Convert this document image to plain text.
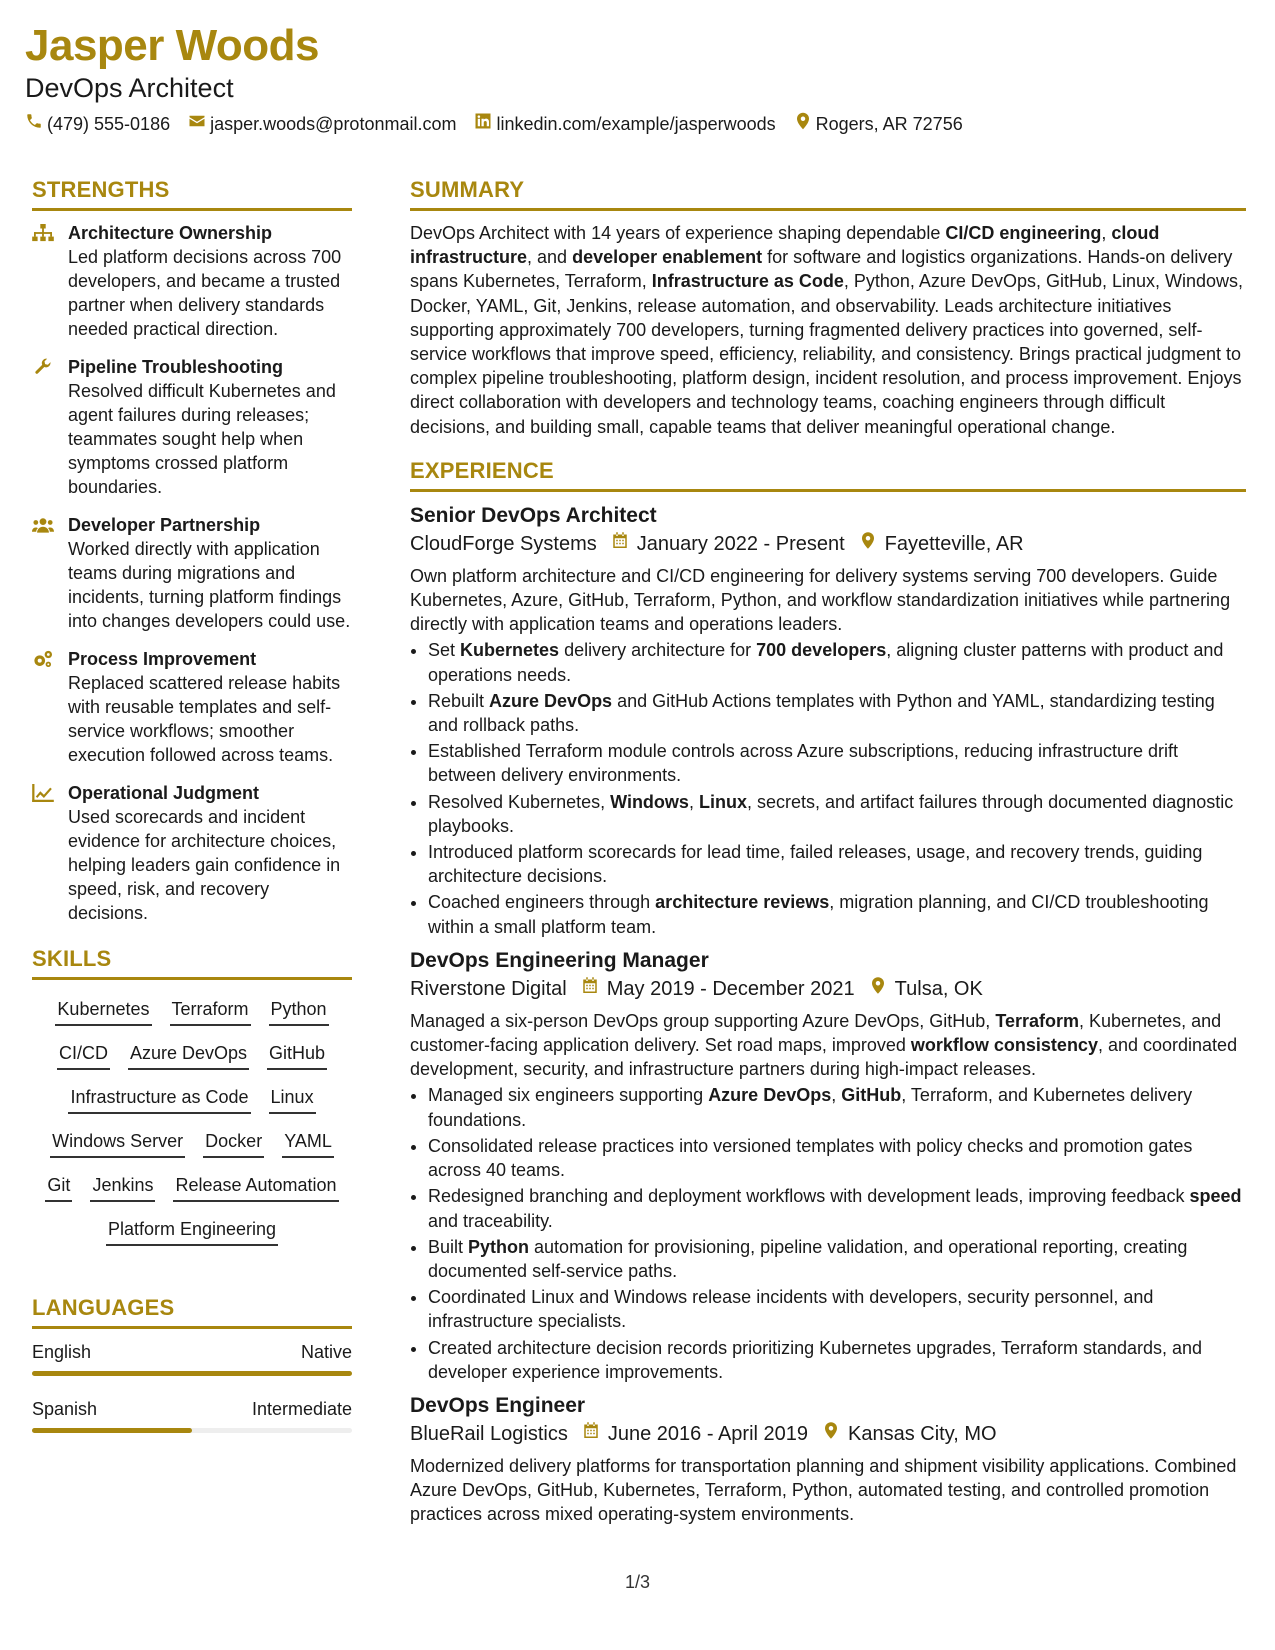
Jasper Woods
DevOps Architect
(479) 555-0186 jasper.woods@protonmail.com linkedin.com/example/jasperwoods Rogers, AR 72756
STRENGTHS
Architecture Ownership
Led platform decisions across 700 developers, and became a trusted partner when delivery standards needed practical direction.
Pipeline Troubleshooting
Resolved difficult Kubernetes and agent failures during releases; teammates sought help when symptoms crossed platform boundaries.
Developer Partnership
Worked directly with application teams during migrations and incidents, turning platform findings into changes developers could use.
Process Improvement
Replaced scattered release habits with reusable templates and self-service workflows; smoother execution followed across teams.
Operational Judgment
Used scorecards and incident evidence for architecture choices, helping leaders gain confidence in speed, risk, and recovery decisions.
SKILLS
Kubernetes Terraform Python
CI/CD Azure DevOps GitHub
Infrastructure as Code Linux
Windows Server Docker YAML
Git Jenkins Release Automation
Platform Engineering
LANGUAGES
English	Native
Spanish	Intermediate
SUMMARY

DevOps Architect with 14 years of experience shaping dependable CI/CD engineering, cloud infrastructure, and developer enablement for software and logistics organizations. Hands-on delivery spans Kubernetes, Terraform, Infrastructure as Code, Python, Azure DevOps, GitHub, Linux, Windows, Docker, YAML, Git, Jenkins, release automation, and observability. Leads architecture initiatives supporting approximately 700 developers, turning fragmented delivery practices into governed, self-service workflows that improve speed, efficiency, reliability, and consistency. Brings practical judgment to complex pipeline troubleshooting, platform design, incident resolution, and process improvement. Enjoys direct collaboration with developers and technology teams, coaching engineers through difficult decisions, and building small, capable teams that deliver meaningful operational change.

EXPERIENCE
Senior DevOps Architect
CloudForge Systems January 2022 - Present Fayetteville, AR
Own platform architecture and CI/CD engineering for delivery systems serving 700 developers. Guide Kubernetes, Azure, GitHub, Terraform, Python, and workflow standardization initiatives while partnering directly with application teams and operations leaders.
• Set Kubernetes delivery architecture for 700 developers, aligning cluster patterns with product and operations needs.
• Rebuilt Azure DevOps and GitHub Actions templates with Python and YAML, standardizing testing and rollback paths.
• Established Terraform module controls across Azure subscriptions, reducing infrastructure drift between delivery environments.
• Resolved Kubernetes, Windows, Linux, secrets, and artifact failures through documented diagnostic playbooks.
• Introduced platform scorecards for lead time, failed releases, usage, and recovery trends, guiding architecture decisions.
• Coached engineers through architecture reviews, migration planning, and CI/CD troubleshooting within a small platform team.
DevOps Engineering Manager
Riverstone Digital May 2019 - December 2021 Tulsa, OK
Managed a six-person DevOps group supporting Azure DevOps, GitHub, Terraform, Kubernetes, and customer-facing application delivery. Set road maps, improved workflow consistency, and coordinated development, security, and infrastructure partners during high-impact releases.
• Managed six engineers supporting Azure DevOps, GitHub, Terraform, and Kubernetes delivery foundations.
• Consolidated release practices into versioned templates with policy checks and promotion gates across 40 teams.
• Redesigned branching and deployment workflows with development leads, improving feedback speed and traceability.
• Built Python automation for provisioning, pipeline validation, and operational reporting, creating documented self-service paths.
• Coordinated Linux and Windows release incidents with developers, security personnel, and infrastructure specialists.
• Created architecture decision records prioritizing Kubernetes upgrades, Terraform standards, and developer experience improvements.
DevOps Engineer
BlueRail Logistics June 2016 - April 2019 Kansas City, MO
Modernized delivery platforms for transportation planning and shipment visibility applications. Combined Azure DevOps, GitHub, Kubernetes, Terraform, Python, automated testing, and controlled promotion practices across mixed operating-system environments.
1/3
